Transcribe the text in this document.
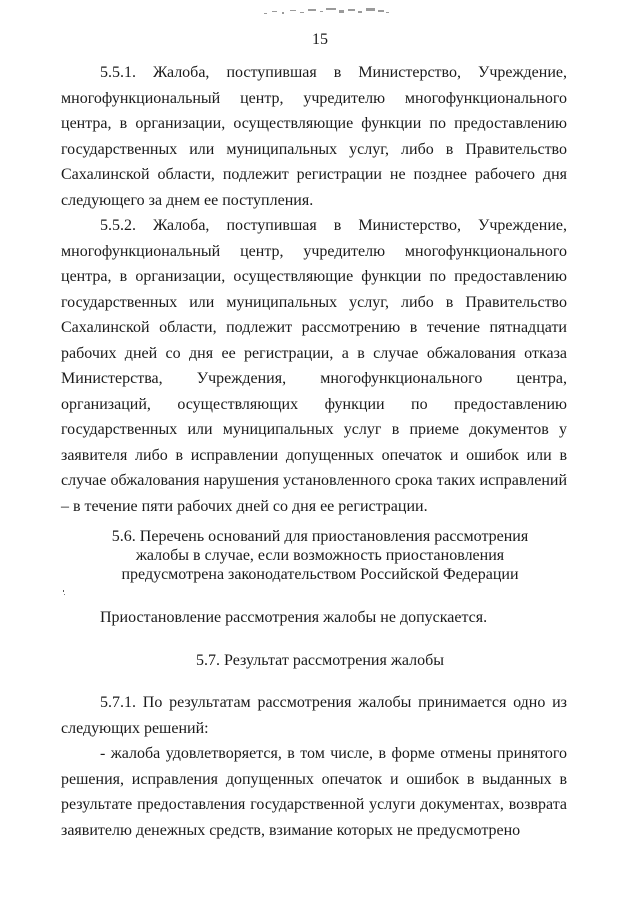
15

5.5.1. Жалоба, поступившая в Министерство, Учреждение, многофункциональный центр, учредителю многофункционального центра, в организации, осуществляющие функции по предоставлению государственных или муниципальных услуг, либо в Правительство Сахалинской области, подлежит регистрации не позднее рабочего дня следующего за днем ее поступления.

5.5.2. Жалоба, поступившая в Министерство, Учреждение, многофункциональный центр, учредителю многофункционального центра, в организации, осуществляющие функции по предоставлению государственных или муниципальных услуг, либо в Правительство Сахалинской области, подлежит рассмотрению в течение пятнадцати рабочих дней со дня ее регистрации, а в случае обжалования отказа Министерства, Учреждения, многофункционального центра, организаций, осуществляющих функции по предоставлению государственных или муниципальных услуг в приеме документов у заявителя либо в исправлении допущенных опечаток и ошибок или в случае обжалования нарушения установленного срока таких исправлений – в течение пяти рабочих дней со дня ее регистрации.

5.6. Перечень оснований для приостановления рассмотрения
жалобы в случае, если возможность приостановления
предусмотрена законодательством Российской Федерации

Приостановление рассмотрения жалобы не допускается.

5.7. Результат рассмотрения жалобы

5.7.1. По результатам рассмотрения жалобы принимается одно из следующих решений:

- жалоба удовлетворяется, в том числе, в форме отмены принятого решения, исправления допущенных опечаток и ошибок в выданных в результате предоставления государственной услуги документах, возврата заявителю денежных средств, взимание которых не предусмотрено
